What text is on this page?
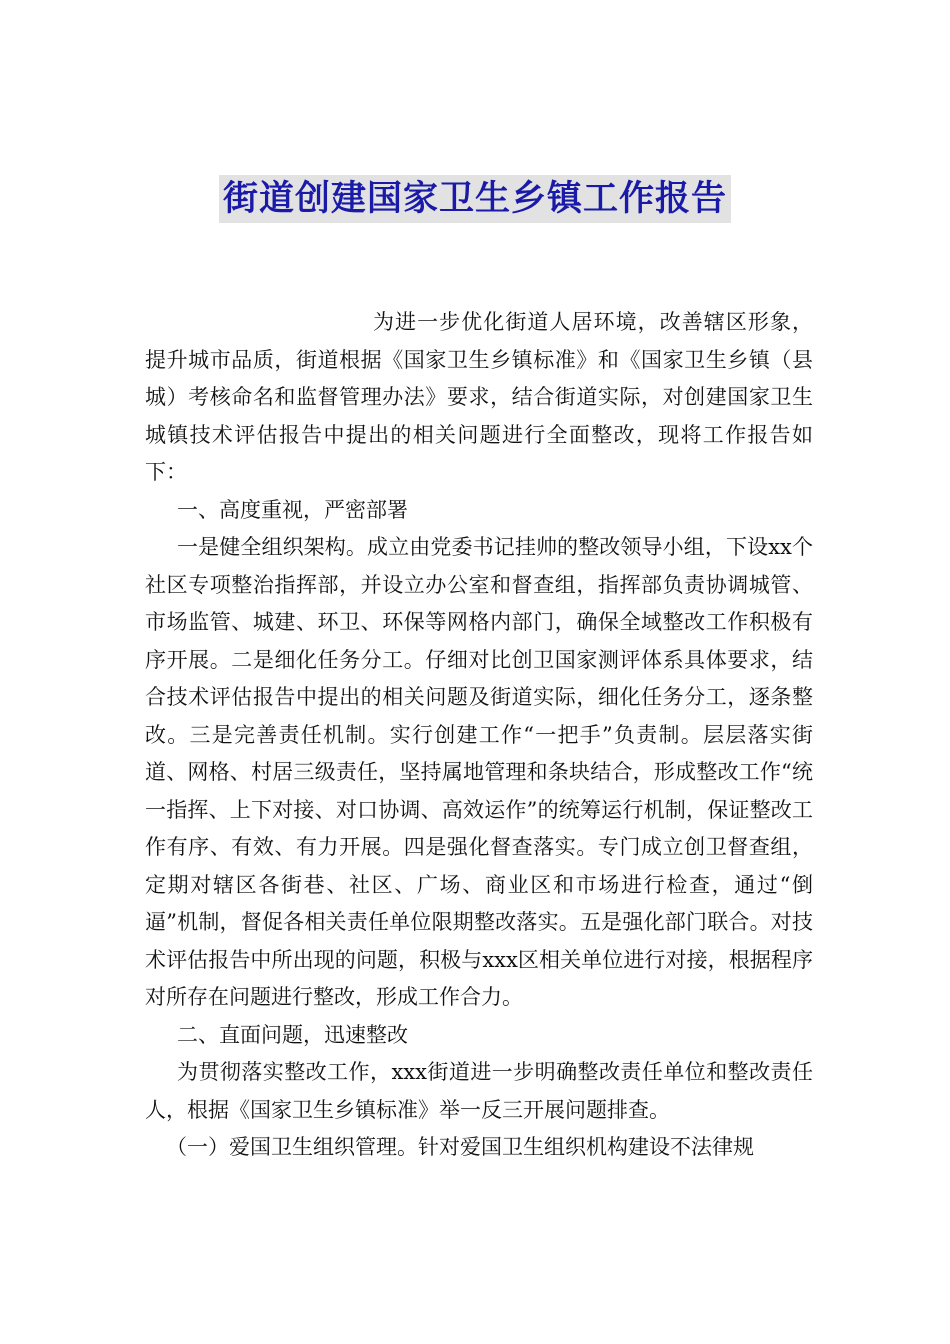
街道创建国家卫生乡镇工作报告

为进一步优化街道人居环境，改善辖区形象，提升城市品质，街道根据《国家卫生乡镇标准》和《国家卫生乡镇（县城）考核命名和监督管理办法》要求，结合街道实际，对创建国家卫生城镇技术评估报告中提出的相关问题进行全面整改，现将工作报告如下：

一、高度重视，严密部署

一是健全组织架构。成立由党委书记挂帅的整改领导小组，下设xx个社区专项整治指挥部，并设立办公室和督查组，指挥部负责协调城管、市场监管、城建、环卫、环保等网格内部门，确保全域整改工作积极有序开展。二是细化任务分工。仔细对比创卫国家测评体系具体要求，结合技术评估报告中提出的相关问题及街道实际，细化任务分工，逐条整改。三是完善责任机制。实行创建工作“一把手”负责制。层层落实街道、网格、村居三级责任，坚持属地管理和条块结合，形成整改工作“统一指挥、上下对接、对口协调、高效运作”的统筹运行机制，保证整改工作有序、有效、有力开展。四是强化督查落实。专门成立创卫督查组，定期对辖区各街巷、社区、广场、商业区和市场进行检查，通过“倒逼”机制，督促各相关责任单位限期整改落实。五是强化部门联合。对技术评估报告中所出现的问题，积极与xxx区相关单位进行对接，根据程序对所存在问题进行整改，形成工作合力。

二、直面问题，迅速整改

为贯彻落实整改工作，xxx街道进一步明确整改责任单位和整改责任人，根据《国家卫生乡镇标准》举一反三开展问题排查。

（一）爱国卫生组织管理。针对爱国卫生组织机构建设不法律规
